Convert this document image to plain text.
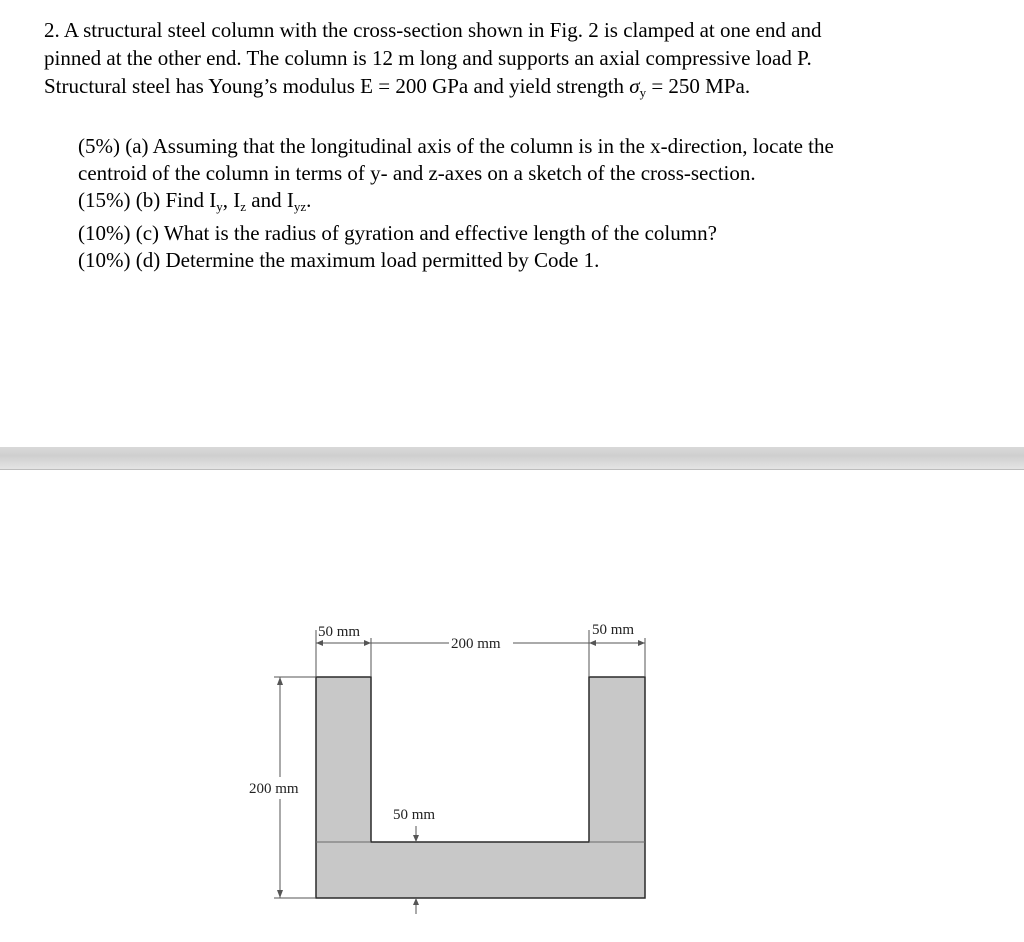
2. A structural steel column with the cross-section shown in Fig. 2 is clamped at one end and

pinned at the other end. The column is 12 m long and supports an axial compressive load P.

Structural steel has Young’s modulus E = 200 GPa and yield strength $\sigma_y = 250$ MPa.

(5%) (a) Assuming that the longitudinal axis of the column is in the x-direction, locate the

centroid of the column in terms of y- and z-axes on a sketch of the cross-section.

(15%) (b) Find $I_y$, $I_z$ and $I_{yz}$.

(10%) (c) What is the radius of gyration and effective length of the column?

(10%) (d) Determine the maximum load permitted by Code 1.

50 mm
200 mm
50 mm
200 mm
50 mm
